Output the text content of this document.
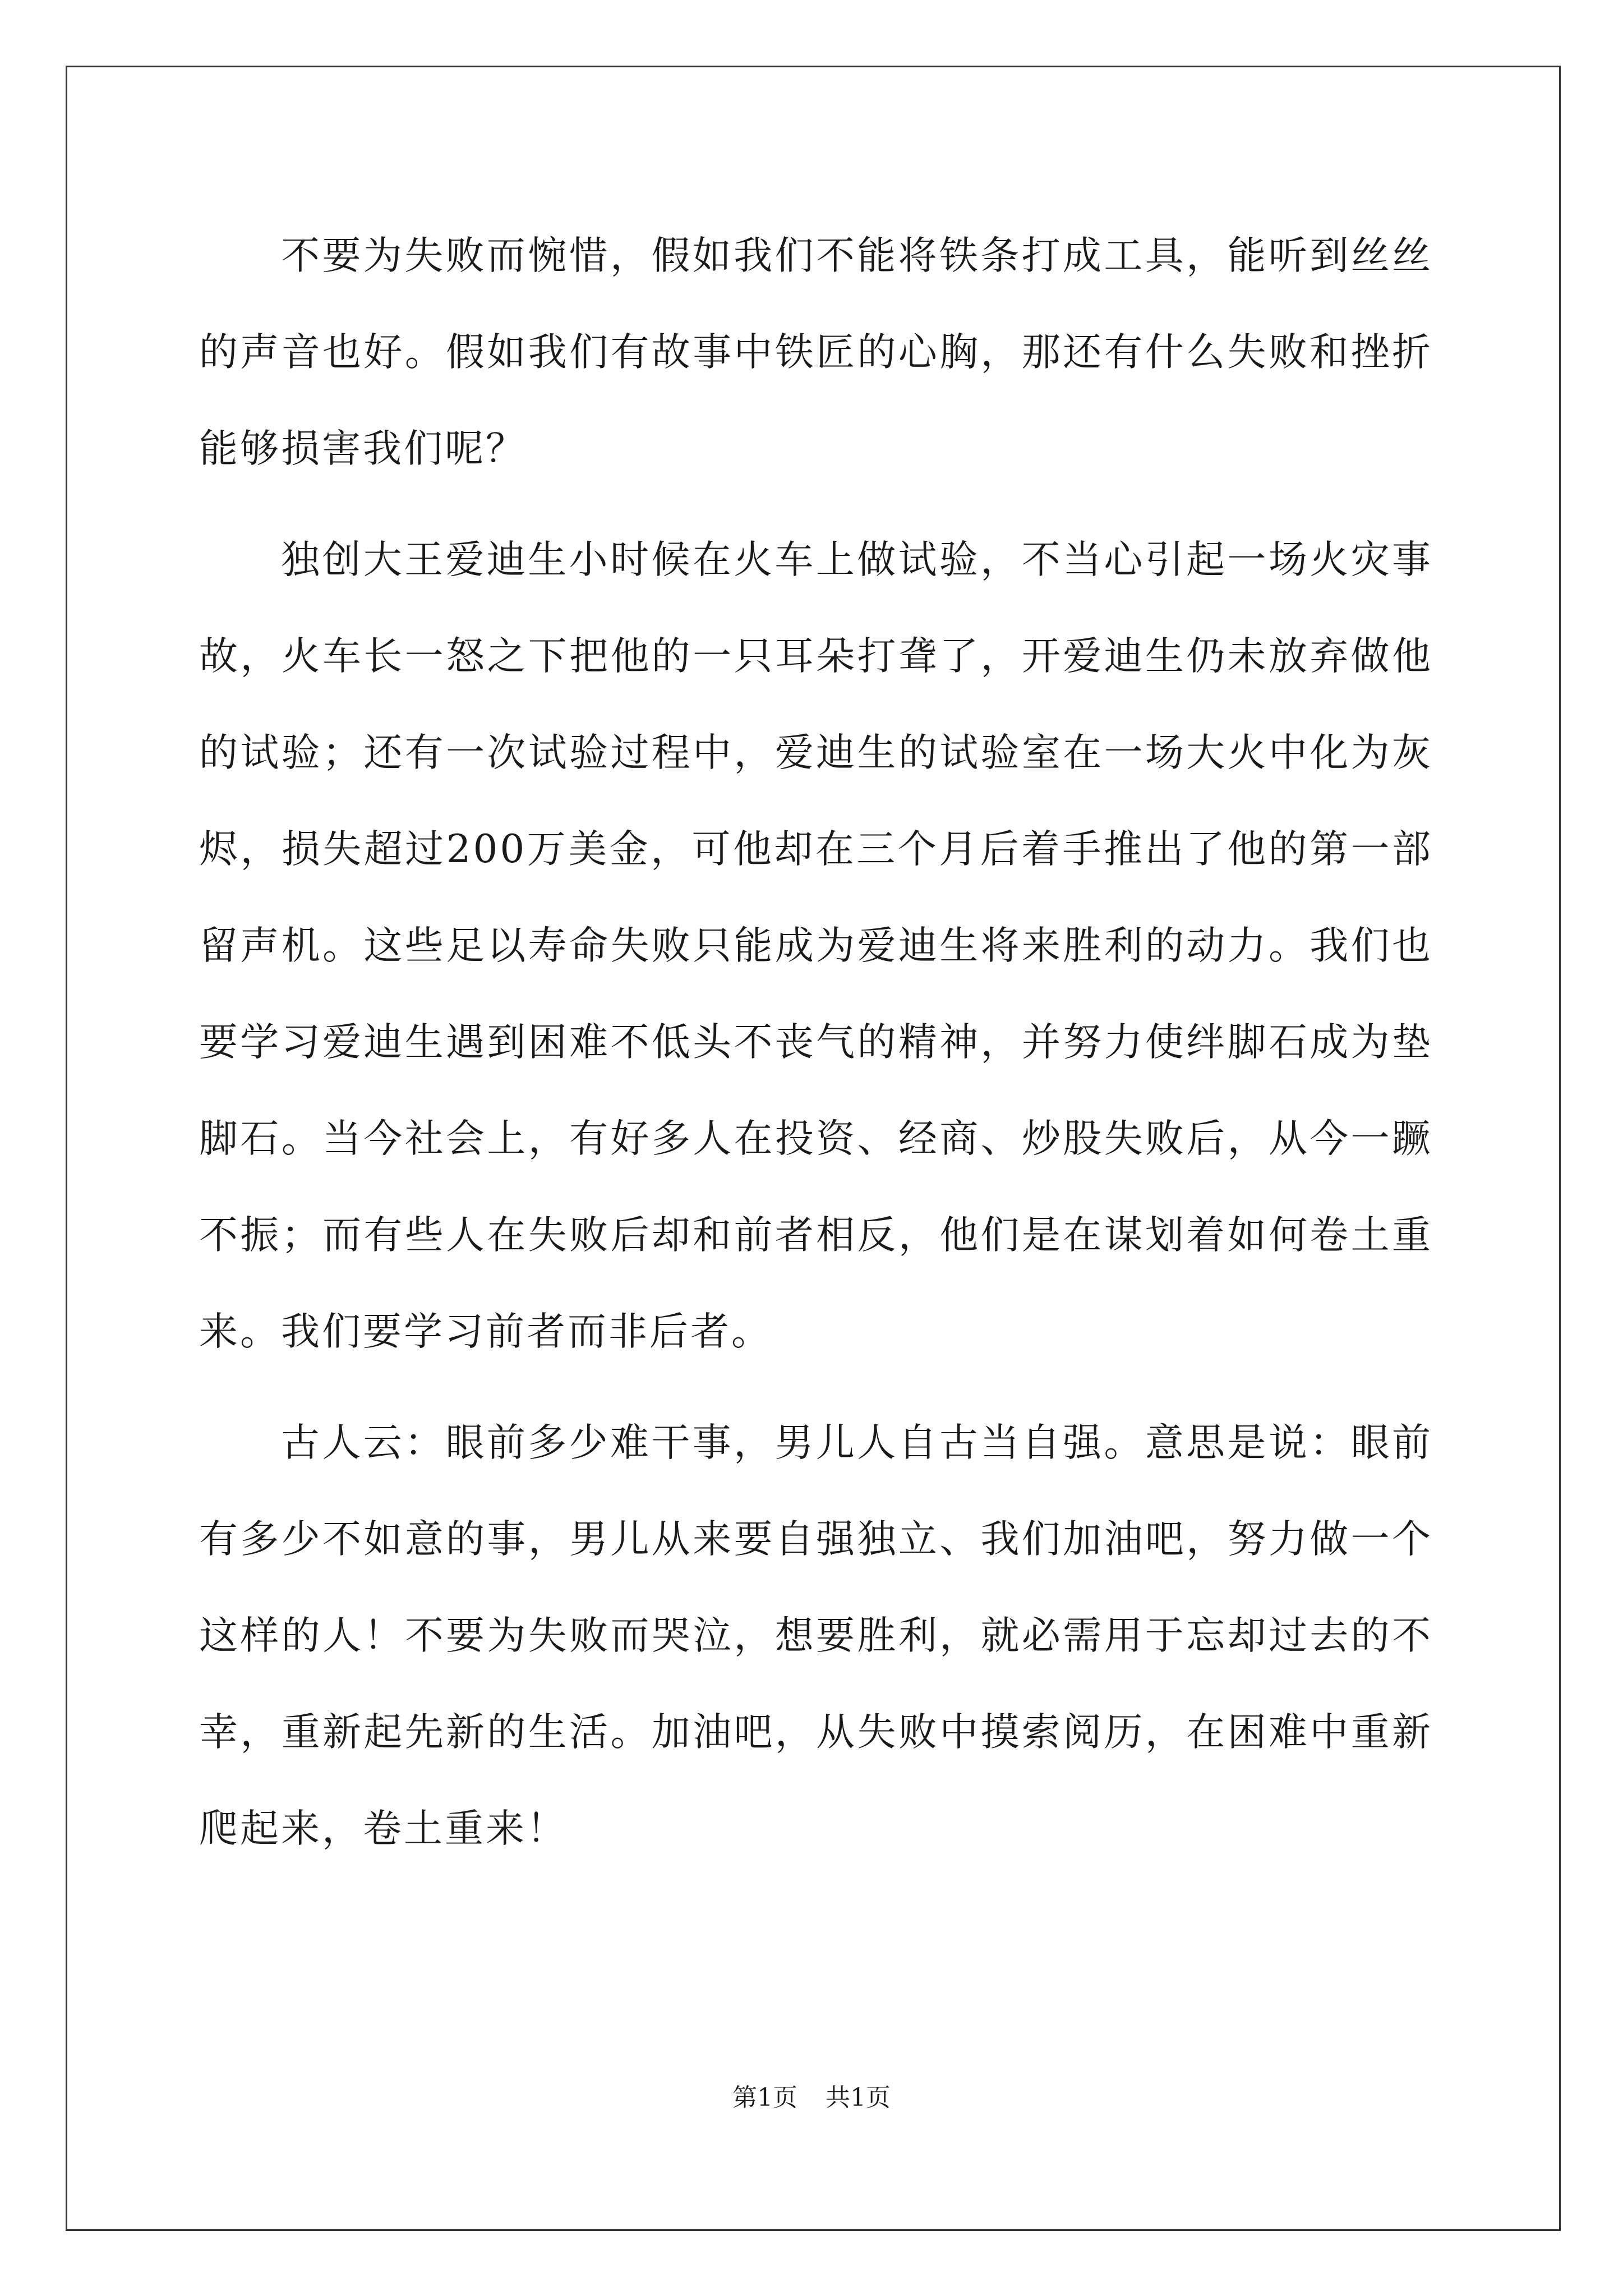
不要为失败而惋惜，假如我们不能将铁条打成工具，能听到丝丝的声音也好。假如我们有故事中铁匠的心胸，那还有什么失败和挫折能够损害我们呢？

独创大王爱迪生小时候在火车上做试验，不当心引起一场火灾事故，火车长一怒之下把他的一只耳朵打聋了，开爱迪生仍未放弃做他的试验；还有一次试验过程中，爱迪生的试验室在一场大火中化为灰烬，损失超过200万美金，可他却在三个月后着手推出了他的第一部留声机。这些足以寿命失败只能成为爱迪生将来胜利的动力。我们也要学习爱迪生遇到困难不低头不丧气的精神，并努力使绊脚石成为垫脚石。当今社会上，有好多人在投资、经商、炒股失败后，从今一蹶不振；而有些人在失败后却和前者相反，他们是在谋划着如何卷土重来。我们要学习前者而非后者。

古人云：眼前多少难干事，男儿人自古当自强。意思是说：眼前有多少不如意的事，男儿从来要自强独立、我们加油吧，努力做一个这样的人！不要为失败而哭泣，想要胜利，就必需用于忘却过去的不幸，重新起先新的生活。加油吧，从失败中摸索阅历，在困难中重新爬起来，卷土重来！

第1页 共1页
